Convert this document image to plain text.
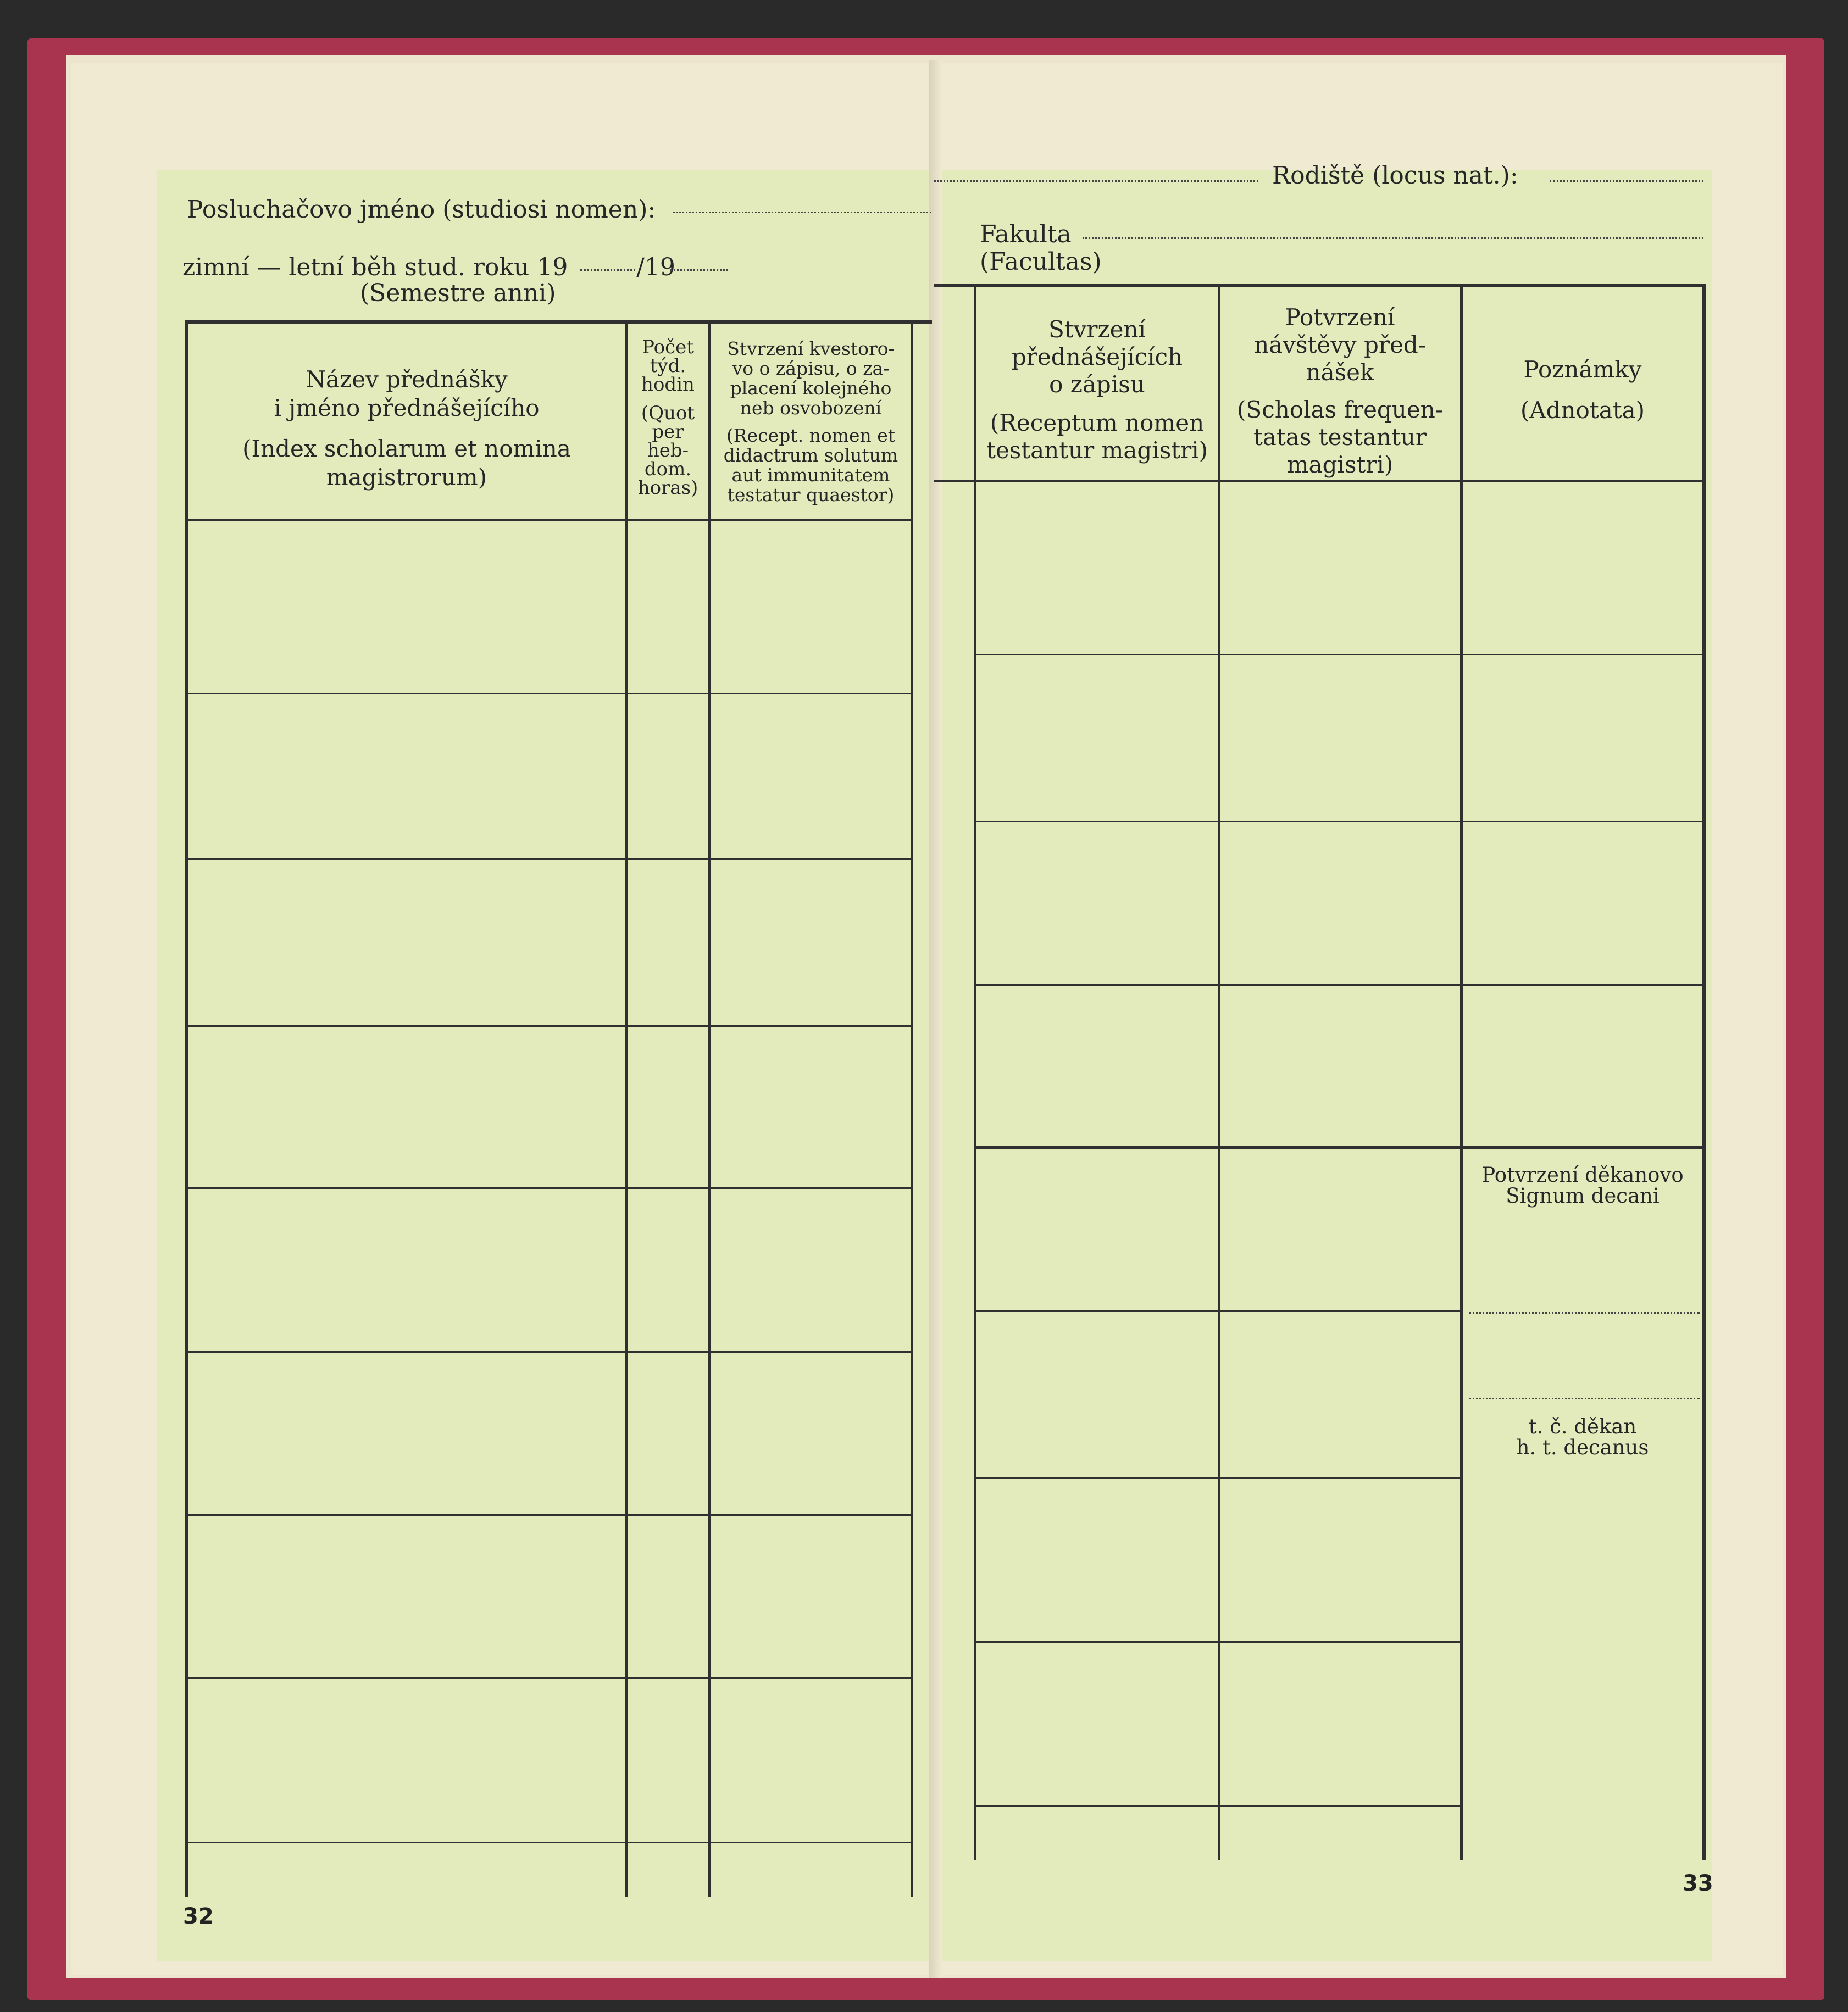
Posluchačovo jméno (studiosi nomen):
zimní — letní běh stud. roku 19	/19
(Semestre anni)
Název přednášky
i jméno přednášejícího
(Index scholarum et nomina
magistrorum)
Počet
týd.
hodin
(Quot
per
heb-
dom.
horas)
Stvrzení kvestoro-
vo o zápisu, o za-
placení kolejného
neb osvobození
(Recept. nomen et
didactrum solutum
aut immunitatem
testatur quaestor)
32
Rodiště (locus nat.):
Fakulta
(Facultas)
Stvrzení
přednášejících
o zápisu
(Receptum nomen
testantur magistri)
Potvrzení
návštěvy před-
nášek
(Scholas frequen-
tatas testantur
magistri)
Poznámky
(Adnotata)
Potvrzení děkanovo
Signum decani
t. č. děkan
h. t. decanus
33
